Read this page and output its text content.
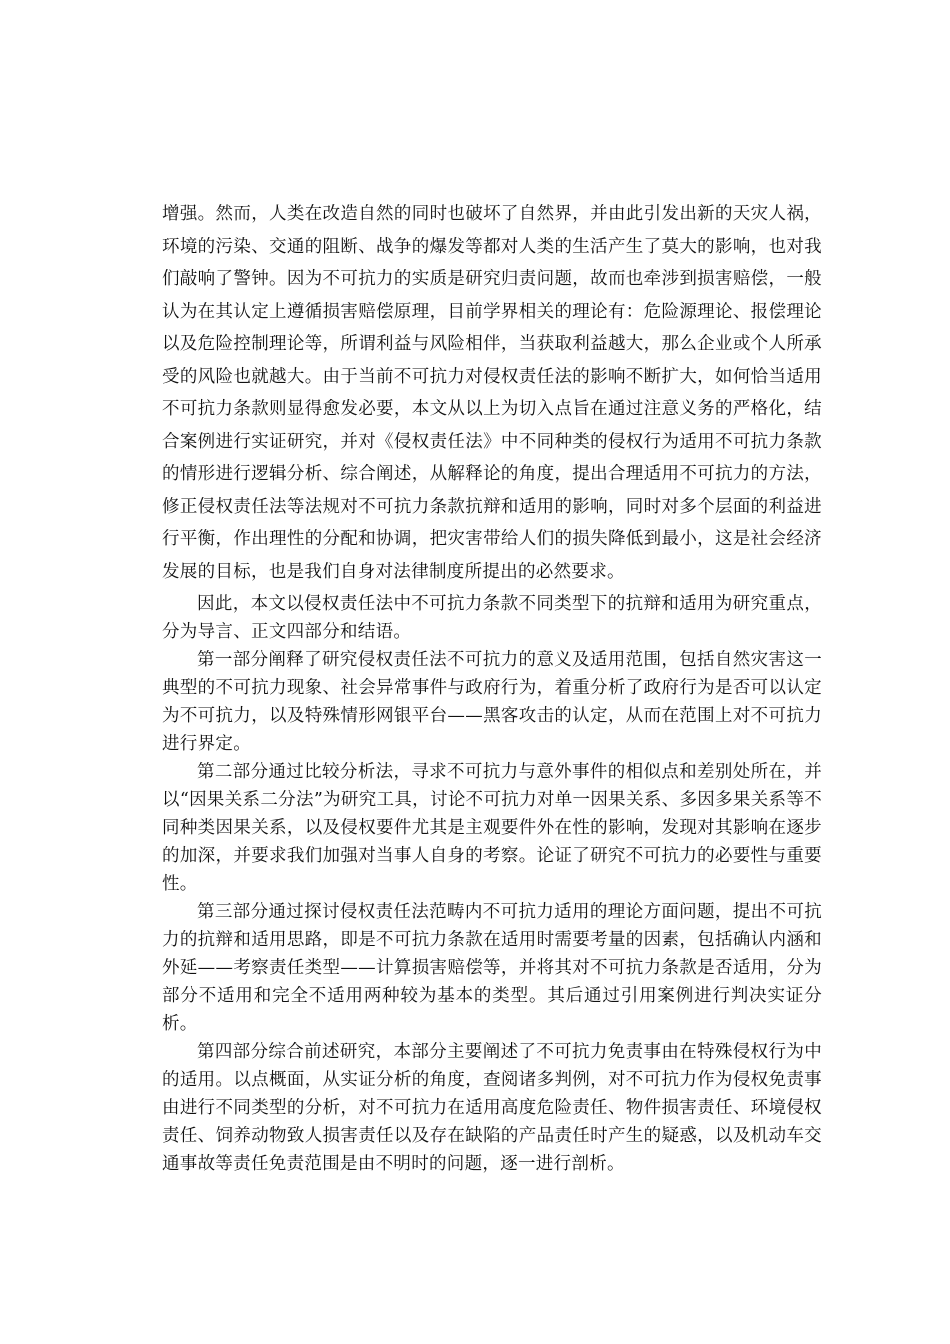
增强。然而，人类在改造自然的同时也破坏了自然界，并由此引发出新的天灾人祸，环境的污染、交通的阻断、战争的爆发等都对人类的生活产生了莫大的影响，也对我们敲响了警钟。因为不可抗力的实质是研究归责问题，故而也牵涉到损害赔偿，一般认为在其认定上遵循损害赔偿原理，目前学界相关的理论有：危险源理论、报偿理论以及危险控制理论等，所谓利益与风险相伴，当获取利益越大，那么企业或个人所承受的风险也就越大。由于当前不可抗力对侵权责任法的影响不断扩大，如何恰当适用不可抗力条款则显得愈发必要，本文从以上为切入点旨在通过注意义务的严格化，结合案例进行实证研究，并对《侵权责任法》中不同种类的侵权行为适用不可抗力条款的情形进行逻辑分析、综合阐述，从解释论的角度，提出合理适用不可抗力的方法，修正侵权责任法等法规对不可抗力条款抗辩和适用的影响，同时对多个层面的利益进行平衡，作出理性的分配和协调，把灾害带给人们的损失降低到最小，这是社会经济发展的目标，也是我们自身对法律制度所提出的必然要求。

因此，本文以侵权责任法中不可抗力条款不同类型下的抗辩和适用为研究重点，分为导言、正文四部分和结语。

第一部分阐释了研究侵权责任法不可抗力的意义及适用范围，包括自然灾害这一典型的不可抗力现象、社会异常事件与政府行为，着重分析了政府行为是否可以认定为不可抗力，以及特殊情形网银平台——黑客攻击的认定，从而在范围上对不可抗力进行界定。

第二部分通过比较分析法，寻求不可抗力与意外事件的相似点和差别处所在，并以“因果关系二分法”为研究工具，讨论不可抗力对单一因果关系、多因多果关系等不同种类因果关系，以及侵权要件尤其是主观要件外在性的影响，发现对其影响在逐步的加深，并要求我们加强对当事人自身的考察。论证了研究不可抗力的必要性与重要性。

第三部分通过探讨侵权责任法范畴内不可抗力适用的理论方面问题，提出不可抗力的抗辩和适用思路，即是不可抗力条款在适用时需要考量的因素，包括确认内涵和外延——考察责任类型——计算损害赔偿等，并将其对不可抗力条款是否适用，分为部分不适用和完全不适用两种较为基本的类型。其后通过引用案例进行判决实证分析。

第四部分综合前述研究，本部分主要阐述了不可抗力免责事由在特殊侵权行为中的适用。以点概面，从实证分析的角度，查阅诸多判例，对不可抗力作为侵权免责事由进行不同类型的分析，对不可抗力在适用高度危险责任、物件损害责任、环境侵权责任、饲养动物致人损害责任以及存在缺陷的产品责任时产生的疑惑，以及机动车交通事故等责任免责范围是由不明时的问题，逐一进行剖析。
